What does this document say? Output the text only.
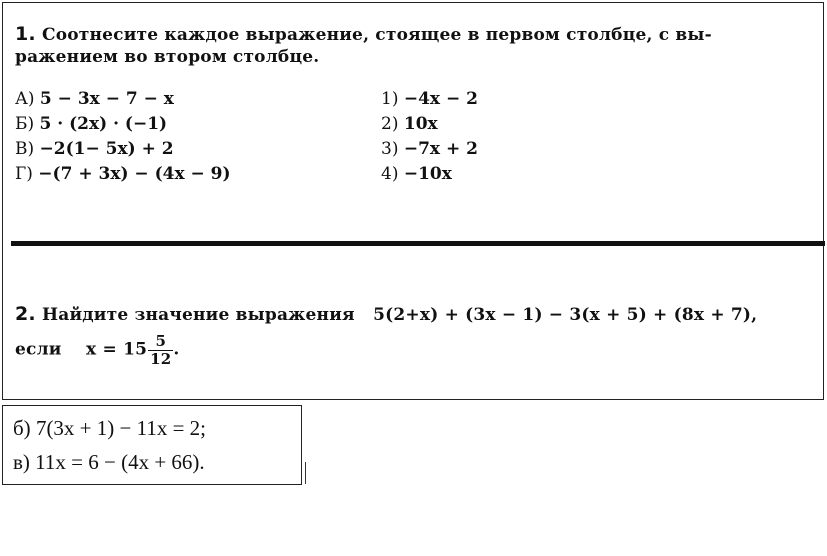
1. Соотнесите каждое выражение, стоящее в первом столбце, с вы-
ражением во втором столбце.
А) 5 − 3x − 7 − x
Б) 5 · (2x) · (−1)
В) −2(1− 5x) + 2
Г) −(7 + 3x) − (4x − 9)
1) −4x − 2
2) 10x
3) −7x + 2
4) −10x
2. Найдите значение выражения 5(2+x) + (3x − 1) − 3(x + 5) + (8x + 7),
если $x = 15 \frac{5}{12}$ .
б) 7(3x + 1) − 11x = 2;
в) 11x = 6 − (4x + 66).
